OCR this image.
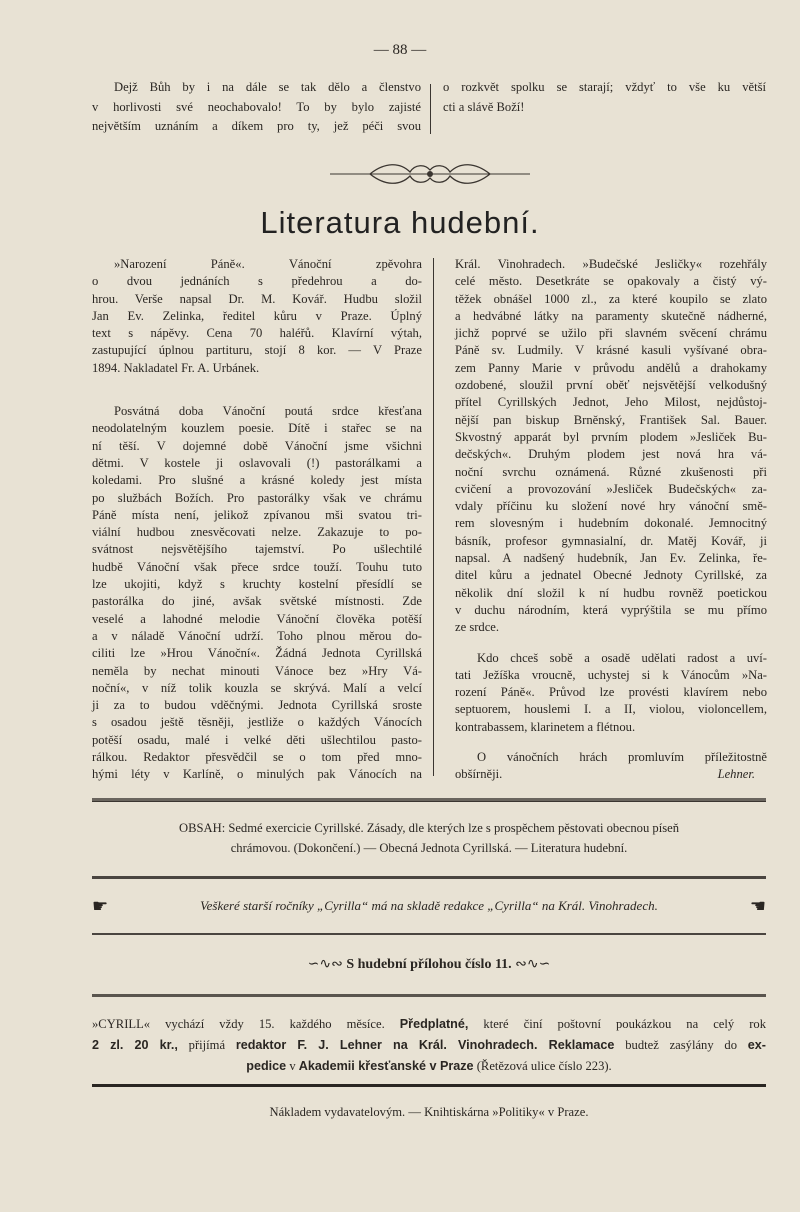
— 88 —
Dejž Bůh by i na dále se tak dělo a členstvo
v horlivosti své neochabovalo! To by bylo zajisté
největším uznáním a díkem pro ty, jež péči svou
o rozkvět spolku se starají; vždyť to vše ku větší
cti a slávě Boží!
Literatura hudební.
»Narození Páně«. Vánoční zpěvohra
o dvou jednáních s předehrou a do-
hrou. Verše napsal Dr. M. Kovář. Hudbu složil
Jan Ev. Zelinka, ředitel kůru v Praze. Úplný
text s nápěvy. Cena 70 haléřů. Klavírní výtah,
zastupující úplnou partituru, stojí 8 kor. — V Praze
1894. Nakladatel Fr. A. Urbánek.
Posvátná doba Vánoční poutá srdce křesťana
neodolatelným kouzlem poesie. Dítě i stařec se na
ní těší. V dojemné době Vánoční jsme všichni
dětmi. V kostele ji oslavovali (!) pastorálkami a
koledami. Pro slušné a krásné koledy jest místa
po službách Božích. Pro pastorálky však ve chrámu
Páně místa není, jelikož zpívanou mši svatou tri-
viální hudbou znesvěcovati nelze. Zakazuje to po-
svátnost nejsvětějšího tajemství. Po ušlechtilé
hudbě Vánoční však přece srdce touží. Touhu tuto
lze ukojiti, když s kruchty kostelní přesídlí se
pastorálka do jiné, avšak světské místnosti. Zde
veselé a lahodné melodie Vánoční člověka potěší
a v náladě Vánoční udrží. Toho plnou měrou do-
ciliti lze »Hrou Vánoční«. Žádná Jednota Cyrillská
neměla by nechat minouti Vánoce bez »Hry Vá-
noční«, v níž tolik kouzla se skrývá. Malí a velcí
ji za to budou vděčnými. Jednota Cyrillská sroste
s osadou ještě těsněji, jestliže o každých Vánocích
potěší osadu, malé i velké děti ušlechtilou pasto-
rálkou. Redaktor přesvědčil se o tom před mno-
hými léty v Karlíně, o minulých pak Vánocích na
Král. Vinohradech. »Budečské Jesličky« rozehřály
celé město. Desetkráte se opakovaly a čistý vý-
těžek obnášel 1000 zl., za které koupilo se zlato
a hedvábné látky na paramenty skutečně nádherné,
jichž poprvé se užilo při slavném svěcení chrámu
Páně sv. Ludmily. V krásné kasuli vyšívané obra-
zem Panny Marie v průvodu andělů a drahokamy
ozdobené, sloužil první oběť nejsvětější velkodušný
přítel Cyrillských Jednot, Jeho Milost, nejdůstoj-
nější pan biskup Brněnský, František Sal. Bauer.
Skvostný apparát byl prvním plodem »Jesliček Bu-
dečských«. Druhým plodem jest nová hra vá-
noční svrchu oznámená. Různé zkušenosti při
cvičení a provozování »Jesliček Budečských« za-
vdaly příčinu ku složení nové hry vánoční smě-
rem slovesným i hudebním dokonalé. Jemnocitný
básník, profesor gymnasialní, dr. Matěj Kovář, ji
napsal. A nadšený hudebník, Jan Ev. Zelinka, ře-
ditel kůru a jednatel Obecné Jednoty Cyrillské, za
několik dní složil k ní hudbu rovněž poetickou
v duchu národním, která vyprýštila se mu přímo
ze srdce.
Kdo chceš sobě a osadě udělati radost a uví-
tati Ježíška vroucně, uchystej si k Vánocům »Na-
rození Páně«. Průvod lze provésti klavírem nebo
septuorem, houslemi I. a II, violou, violoncellem,
kontrabassem, klarinetem a flétnou.
O vánočních hrách promluvím příležitostně
obšírněji.	Lehner.
OBSAH: Sedmé exercicie Cyrillské. Zásady, dle kterých lze s prospěchem pěstovati obecnou píseň
chrámovou. (Dokončení.) — Obecná Jednota Cyrillská. — Literatura hudební.
☛	Veškeré starší ročníky „Cyrilla“ má na skladě redakce „Cyrilla“ na Král. Vinohradech.	☚
∽∿∾ S hudební přílohou číslo 11. ∾∿∽
»CYRILL« vychází vždy 15. každého měsíce. Předplatné, které činí poštovní poukázkou na celý rok
2 zl. 20 kr., přijímá redaktor F. J. Lehner na Král. Vinohradech. Reklamace budtež zasýlány do ex-
pedice v Akademii křesťanské v Praze (Řetězová ulice číslo 223).
Nákladem vydavatelovým. — Knihtiskárna »Politiky« v Praze.
